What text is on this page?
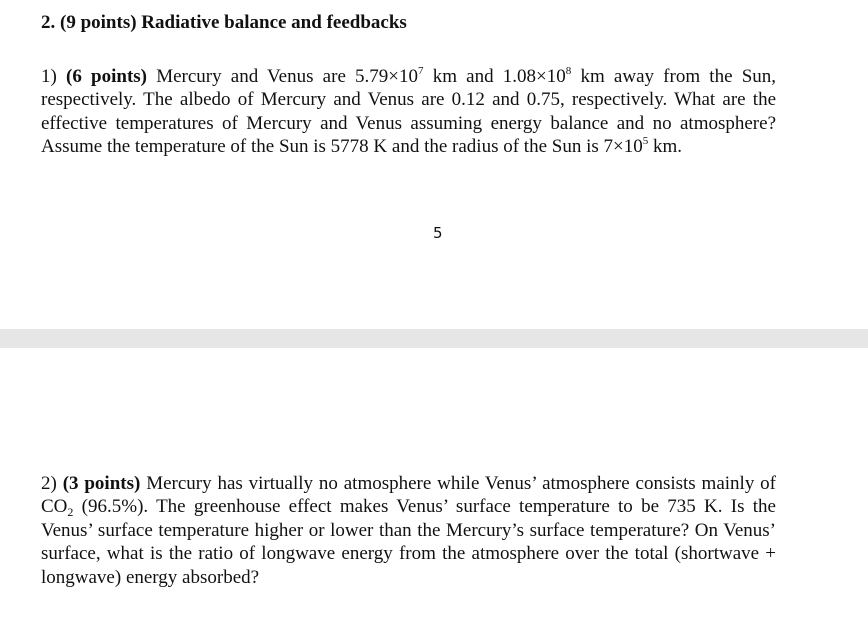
2. (9 points) Radiative balance and feedbacks

1) (6 points) Mercury and Venus are $5.79\times 10^7$ km and $1.08\times 10^8$ km away from the Sun, respectively. The albedo of Mercury and Venus are 0.12 and 0.75, respectively. What are the effective temperatures of Mercury and Venus assuming energy balance and no atmosphere? Assume the temperature of the Sun is 5778 K and the radius of the Sun is $7\times 10^5$ km.

5

2) (3 points) Mercury has virtually no atmosphere while Venus’ atmosphere consists mainly of $CO_2$ (96.5%). The greenhouse effect makes Venus’ surface temperature to be 735 K. Is the Venus’ surface temperature higher or lower than the Mercury’s surface temperature? On Venus’ surface, what is the ratio of longwave energy from the atmosphere over the total (shortwave + longwave) energy absorbed?
